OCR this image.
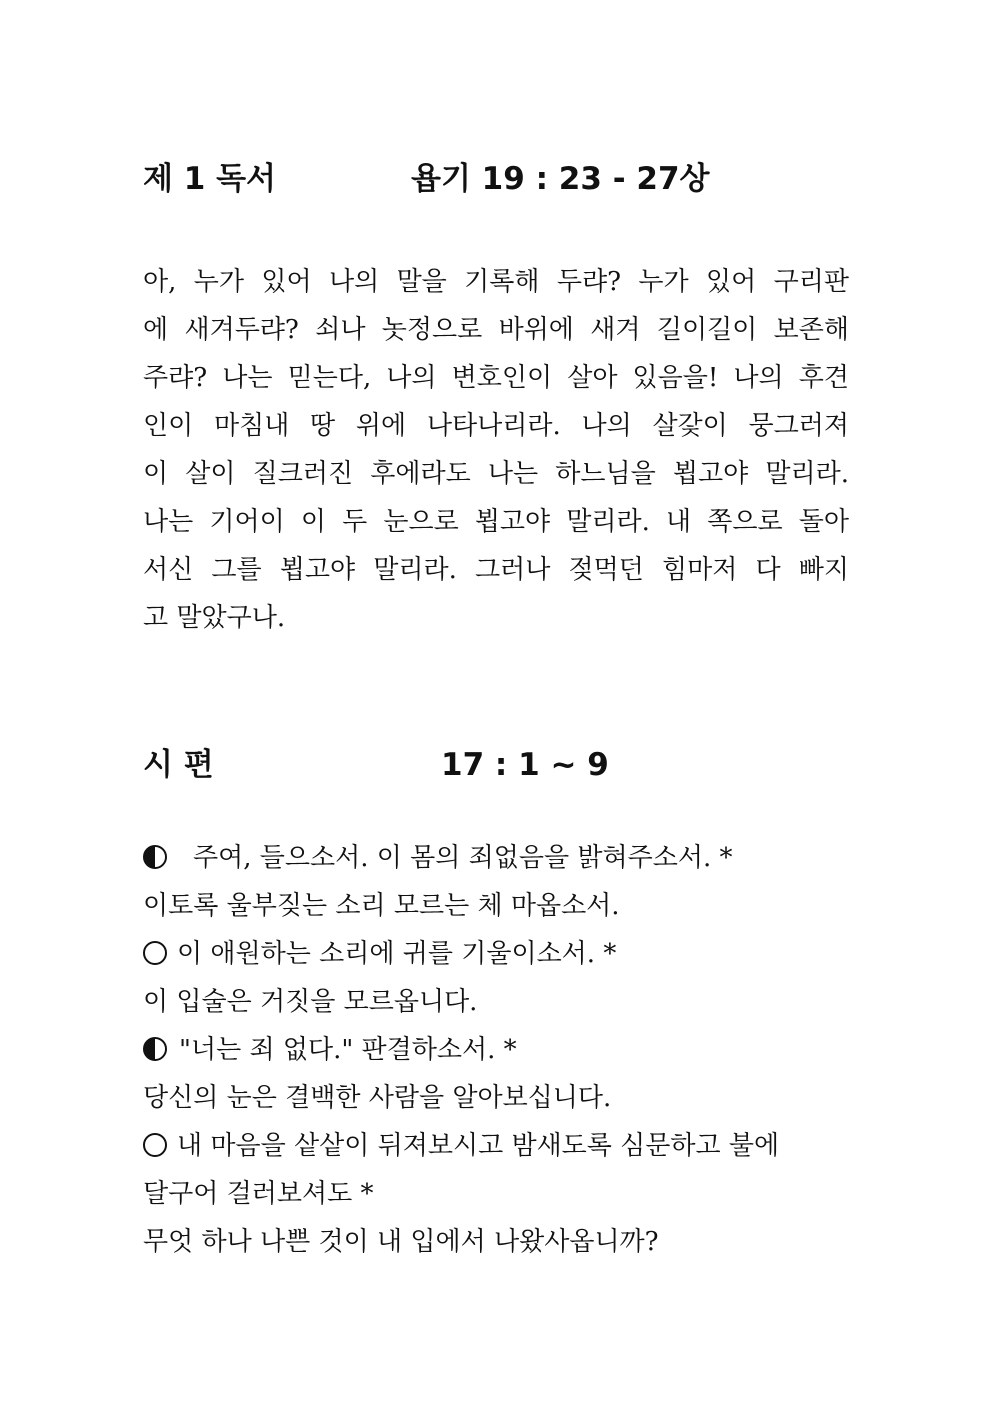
제 1 독서	욥기 19 : 23 - 27상
아, 누가 있어 나의 말을 기록해 두랴? 누가 있어 구리판
에 새겨두랴? 쇠나 놋정으로 바위에 새겨 길이길이 보존해
주랴? 나는 믿는다, 나의 변호인이 살아 있음을! 나의 후견
인이 마침내 땅 위에 나타나리라. 나의 살갗이 뭉그러져
이 살이 질크러진 후에라도 나는 하느님을 뵙고야 말리라.
나는 기어이 이 두 눈으로 뵙고야 말리라. 내 쪽으로 돌아
서신 그를 뵙고야 말리라. 그러나 젖먹던 힘마저 다 빠지
고 말았구나.
시 편	17 : 1 ~ 9
주여, 들으소서. 이 몸의 죄없음을 밝혀주소서. *
이토록 울부짖는 소리 모르는 체 마옵소서.
이 애원하는 소리에 귀를 기울이소서. *
이 입술은 거짓을 모르옵니다.
"너는 죄 없다." 판결하소서. *
당신의 눈은 결백한 사람을 알아보십니다.
내 마음을 샅샅이 뒤져보시고 밤새도록 심문하고 불에
달구어 걸러보셔도 *
무엇 하나 나쁜 것이 내 입에서 나왔사옵니까?
